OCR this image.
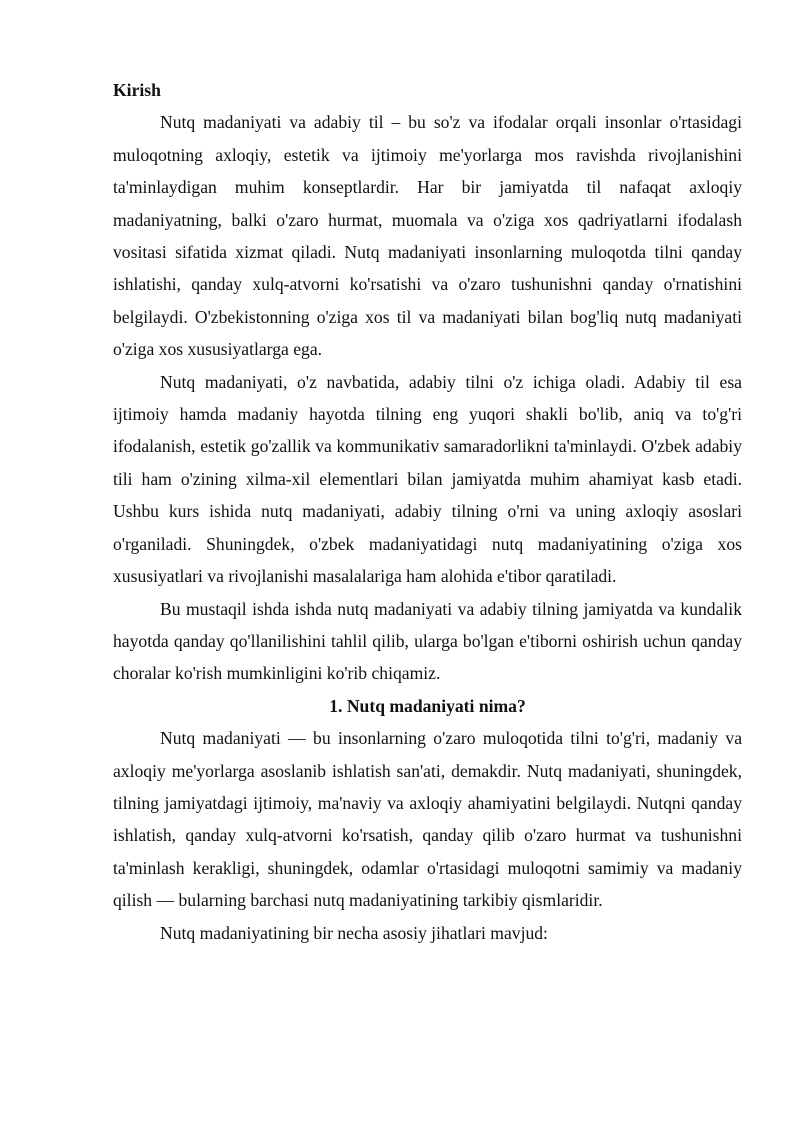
Kirish

Nutq madaniyati va adabiy til – bu so'z va ifodalar orqali insonlar o'rtasidagi muloqotning axloqiy, estetik va ijtimoiy me'yorlarga mos ravishda rivojlanishini ta'minlaydigan muhim konseptlardir. Har bir jamiyatda til nafaqat axloqiy madaniyatning, balki o'zaro hurmat, muomala va o'ziga xos qadriyatlarni ifodalash vositasi sifatida xizmat qiladi. Nutq madaniyati insonlarning muloqotda tilni qanday ishlatishi, qanday xulq-atvorni ko'rsatishi va o'zaro tushunishni qanday o'rnatishini belgilaydi. O'zbekistonning o'ziga xos til va madaniyati bilan bog'liq nutq madaniyati o'ziga xos xususiyatlarga ega.

Nutq madaniyati, o'z navbatida, adabiy tilni o'z ichiga oladi. Adabiy til esa ijtimoiy hamda madaniy hayotda tilning eng yuqori shakli bo'lib, aniq va to'g'ri ifodalanish, estetik go'zallik va kommunikativ samaradorlikni ta'minlaydi. O'zbek adabiy tili ham o'zining xilma-xil elementlari bilan jamiyatda muhim ahamiyat kasb etadi. Ushbu kurs ishida nutq madaniyati, adabiy tilning o'rni va uning axloqiy asoslari o'rganiladi. Shuningdek, o'zbek madaniyatidagi nutq madaniyatining o'ziga xos xususiyatlari va rivojlanishi masalalariga ham alohida e'tibor qaratiladi.

Bu mustaqil ishda ishda nutq madaniyati va adabiy tilning jamiyatda va kundalik hayotda qanday qo'llanilishini tahlil qilib, ularga bo'lgan e'tiborni oshirish uchun qanday choralar ko'rish mumkinligini ko'rib chiqamiz.

1. Nutq madaniyati nima?

Nutq madaniyati — bu insonlarning o'zaro muloqotida tilni to'g'ri, madaniy va axloqiy me'yorlarga asoslanib ishlatish san'ati, demakdir. Nutq madaniyati, shuningdek, tilning jamiyatdagi ijtimoiy, ma'naviy va axloqiy ahamiyatini belgilaydi. Nutqni qanday ishlatish, qanday xulq-atvorni ko'rsatish, qanday qilib o'zaro hurmat va tushunishni ta'minlash kerakligi, shuningdek, odamlar o'rtasidagi muloqotni samimiy va madaniy qilish — bularning barchasi nutq madaniyatining tarkibiy qismlaridir.

Nutq madaniyatining bir necha asosiy jihatlari mavjud:
